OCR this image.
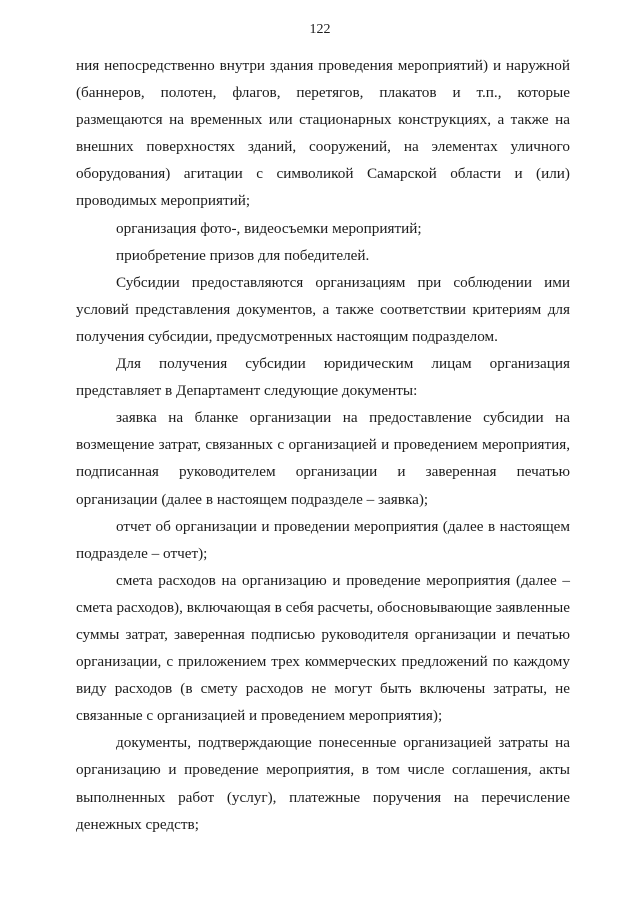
122

ния непосредственно внутри здания проведения мероприятий) и наружной (баннеров, полотен, флагов, перетягов, плакатов и т.п., которые размещаются на временных или стационарных конструкциях, а также на внешних поверхностях зданий, сооружений, на элементах уличного оборудования) агитации с символикой Самарской области и (или) проводимых мероприятий;

организация фото-, видеосъемки мероприятий;

приобретение призов для победителей.

Субсидии предоставляются организациям при соблюдении ими условий представления документов, а также соответствии критериям для получения субсидии, предусмотренных настоящим подразделом.

Для получения субсидии юридическим лицам организация представляет в Департамент следующие документы:

заявка на бланке организации на предоставление субсидии на возмещение затрат, связанных с организацией и проведением мероприятия, подписанная руководителем организации и заверенная печатью организации (далее в настоящем подразделе – заявка);

отчет об организации и проведении мероприятия (далее в настоящем подразделе – отчет);

смета расходов на организацию и проведение мероприятия (далее – смета расходов), включающая в себя расчеты, обосновывающие заявленные суммы затрат, заверенная подписью руководителя организации и печатью организации, с приложением трех коммерческих предложений по каждому виду расходов (в смету расходов не могут быть включены затраты, не связанные с организацией и проведением мероприятия);

документы, подтверждающие понесенные организацией затраты на организацию и проведение мероприятия, в том числе соглашения, акты выполненных работ (услуг), платежные поручения на перечисление денежных средств;
